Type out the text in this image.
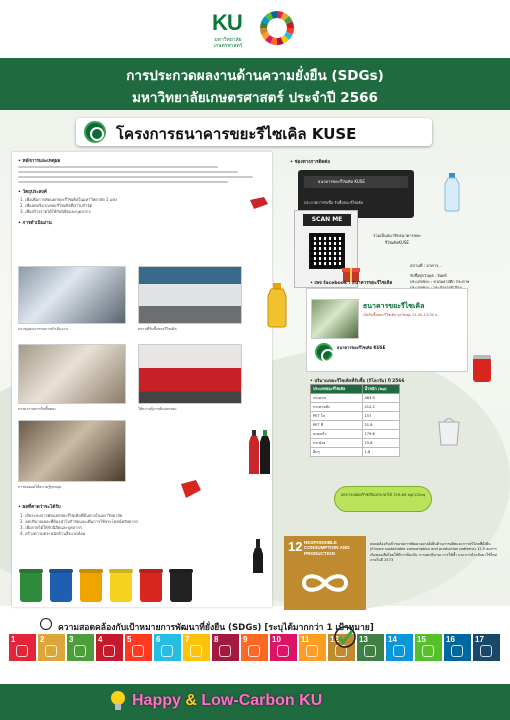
KU
มหาวิทยาลัยเกษตรศาสตร์
การประกวดผลงานด้านความยั่งยืน (SDGs)
มหาวิทยาลัยเกษตรศาสตร์ ประจำปี 2566
โครงการธนาคารขยะรีไซเคิล KUSE
• หลักการและเหตุผล
• วัตถุประสงค์
1. เพื่อเพิ่มการคัดแยกขยะรีไซเคิลในมหาวิทยาลัย 1 แห่ง
2. เพื่อลดปริมาณขยะรีไซเคิลที่นำไปกำจัด
3. เพื่อสร้างรายได้ให้กับนิสิตและบุคลากร
• การดำเนินงาน
ประชุมคณะกรรมการดำเนินงาน	สถานที่รับซื้อขยะรีไซเคิล
บรรยากาศการรับซื้อขยะ	ให้ความรู้การคัดแยกขยะ
การต่อยอดให้ความรู้ทุกกลุ่ม
• ผลที่คาดว่าจะได้รับ
1. เกิดระบบการคัดแยกขยะรีไซเคิลที่ต้นทางในมหาวิทยาลัย
2. ลดปริมาณขยะที่ต้องนำไปกำจัดและเพิ่มการใช้ประโยชน์ทรัพยากร
3. เพิ่มรายได้ให้กับนิสิตและบุคลากร
4. สร้างความตระหนักด้านสิ่งแวดล้อม
• ช่องทางการติดต่อ
ธนาคารขยะรีไซเคิล KUSE
ประกาศการรับซื้อ รับซื้อขยะรีไซเคิล
SCAN ME
ร่วมเป็นสมาชิกธนาคารขยะรีไซเคิลKUSE
สถานที่ : อาคาร...
รับซื้อทุกวันพุธ : จันทร์
ประเภทขยะ : ขวดพลาสติก กระดาษ
• เพจ facebook : ธนาคารขยะรีไซเคิล
ธนาคารขยะรีไซเคิล
เปิดรับซื้อขยะรีไซเคิล ทุกวันพุธ 11.00-13.00 น.
ธนาคารขยะรีไซเคิล KUSE
• ปริมาณขยะรีไซเคิลที่รับซื้อ (กิโลกรัม) ปี 2566
ประเภทขยะรีไซเคิล	น้ำหนัก (kg)
กระดาษ	463.9
กระดาษลัง	212.2
PET ใส	157
PET สี	21.8
ขวดแก้ว	179.8
กระป๋อง	15.8
อื่นๆ	1.8
ลดการปล่อยก๊าซเรือนกระจกได้ 729.89 kgCO2eq
12 RESPONSIBLE CONSUMPTION AND PRODUCTION
สอดคล้องกับเป้าหมายการพัฒนาอย่างยั่งยืนด้านการผลิตและการบริโภคที่ยั่งยืน (Ensure sustainable consumption and production patterns) 12.5 ลดการเกิดของเสียโดยให้มีการป้องกัน การลดปริมาณ การใช้ซ้ำ และการนำกลับมาใช้ใหม่ ภายในปี 2573
ความสอดคล้องกับเป้าหมายการพัฒนาที่ยั่งยืน (SDGs) [ระบุได้มากกว่า 1 เป้าหมาย]
1	2	3	4	5	6	7	8	9	10	11	12	13	14	15	16	17
Happy & Low-Carbon KU
